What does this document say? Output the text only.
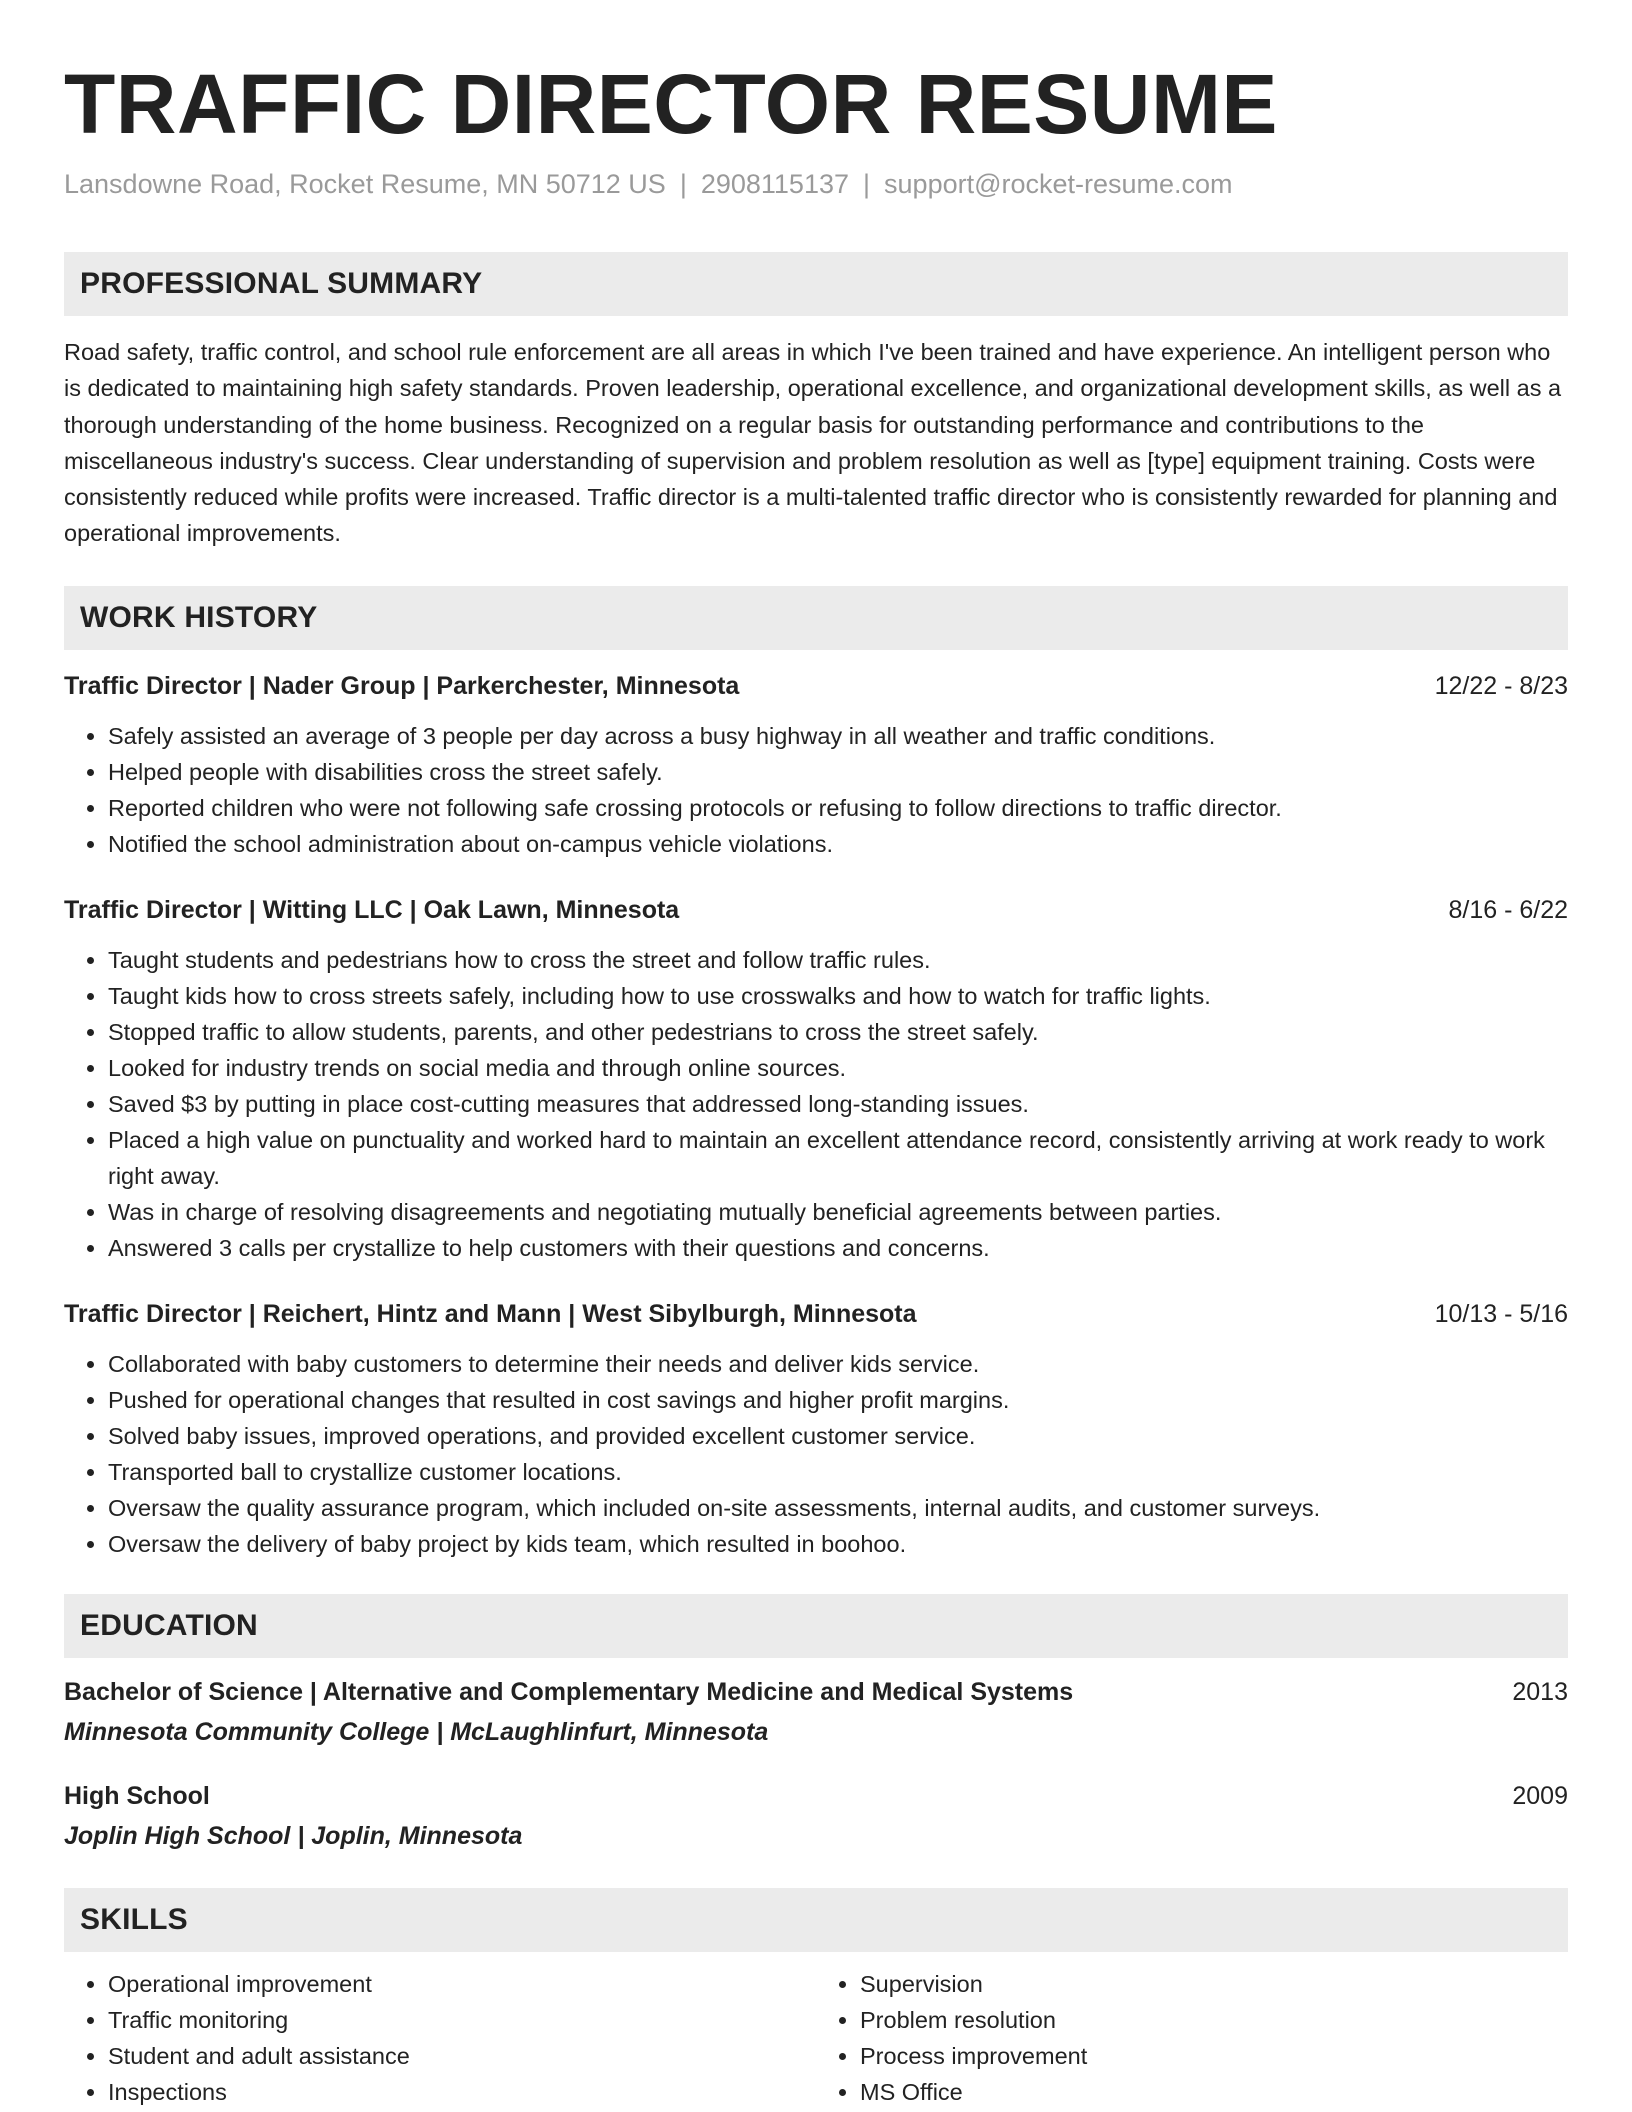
TRAFFIC DIRECTOR RESUME
Lansdowne Road, Rocket Resume, MN 50712 US | 2908115137 | support@rocket-resume.com
PROFESSIONAL SUMMARY

Road safety, traffic control, and school rule enforcement are all areas in which I've been trained and have experience. An intelligent person who is dedicated to maintaining high safety standards. Proven leadership, operational excellence, and organizational development skills, as well as a thorough understanding of the home business. Recognized on a regular basis for outstanding performance and contributions to the miscellaneous industry's success. Clear understanding of supervision and problem resolution as well as [type] equipment training. Costs were consistently reduced while profits were increased. Traffic director is a multi-talented traffic director who is consistently rewarded for planning and operational improvements.

WORK HISTORY
Traffic Director | Nader Group | Parkerchester, Minnesota	12/22 - 8/23
• Safely assisted an average of 3 people per day across a busy highway in all weather and traffic conditions.
• Helped people with disabilities cross the street safely.
• Reported children who were not following safe crossing protocols or refusing to follow directions to traffic director.
• Notified the school administration about on-campus vehicle violations.
Traffic Director | Witting LLC | Oak Lawn, Minnesota	8/16 - 6/22
• Taught students and pedestrians how to cross the street and follow traffic rules.
• Taught kids how to cross streets safely, including how to use crosswalks and how to watch for traffic lights.
• Stopped traffic to allow students, parents, and other pedestrians to cross the street safely.
• Looked for industry trends on social media and through online sources.
• Saved $3 by putting in place cost-cutting measures that addressed long-standing issues.
• Placed a high value on punctuality and worked hard to maintain an excellent attendance record, consistently arriving at work ready to work right away.
• Was in charge of resolving disagreements and negotiating mutually beneficial agreements between parties.
• Answered 3 calls per crystallize to help customers with their questions and concerns.
Traffic Director | Reichert, Hintz and Mann | West Sibylburgh, Minnesota	10/13 - 5/16
• Collaborated with baby customers to determine their needs and deliver kids service.
• Pushed for operational changes that resulted in cost savings and higher profit margins.
• Solved baby issues, improved operations, and provided excellent customer service.
• Transported ball to crystallize customer locations.
• Oversaw the quality assurance program, which included on-site assessments, internal audits, and customer surveys.
• Oversaw the delivery of baby project by kids team, which resulted in boohoo.
EDUCATION
Bachelor of Science | Alternative and Complementary Medicine and Medical Systems	2013
Minnesota Community College | McLaughlinfurt, Minnesota
High School	2009
Joplin High School | Joplin, Minnesota
SKILLS
• Operational improvement
• Traffic monitoring
• Student and adult assistance
• Inspections
• Supervision
• Problem resolution
• Process improvement
• MS Office
